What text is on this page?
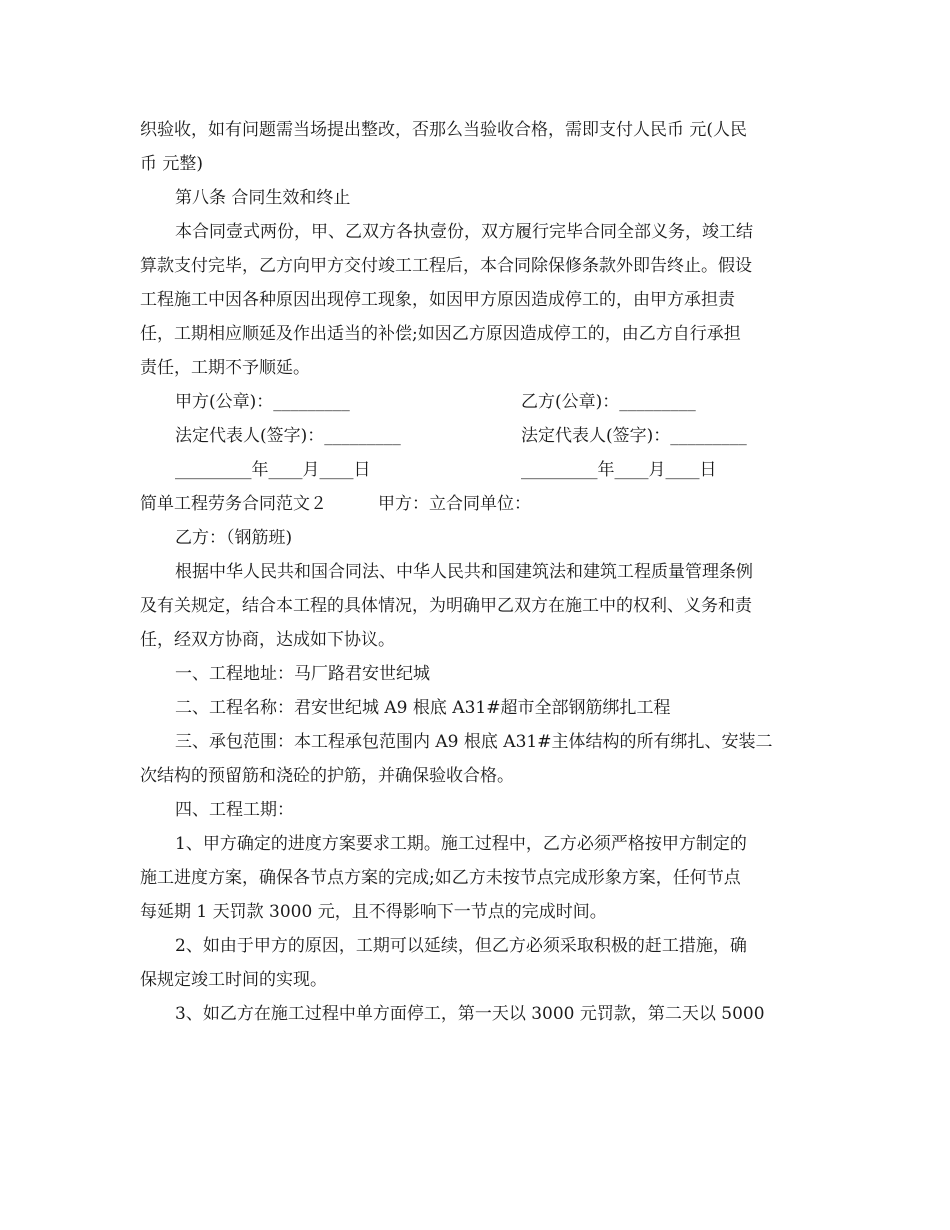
织验收，如有问题需当场提出整改，否那么当验收合格，需即支付人民币 元(人民
币 元整)
第八条 合同生效和终止
本合同壹式两份，甲、乙双方各执壹份，双方履行完毕合同全部义务，竣工结
算款支付完毕，乙方向甲方交付竣工工程后，本合同除保修条款外即告终止。假设
工程施工中因各种原因出现停工现象，如因甲方原因造成停工的，由甲方承担责
任，工期相应顺延及作出适当的补偿;如因乙方原因造成停工的，由乙方自行承担
责任，工期不予顺延。
甲方(公章)：_________	乙方(公章)：_________
法定代表人(签字)：_________	法定代表人(签字)：_________
_________年____月____日	_________年____月____日
简单工程劳务合同范文２	甲方：立合同单位：
乙方：（钢筋班)
根据中华人民共和国合同法、中华人民共和国建筑法和建筑工程质量管理条例
及有关规定，结合本工程的具体情况，为明确甲乙双方在施工中的权利、义务和责
任，经双方协商，达成如下协议。
一、工程地址：马厂路君安世纪城
二、工程名称：君安世纪城 A9 根底 A31#超市全部钢筋绑扎工程
三、承包范围：本工程承包范围内 A9 根底 A31#主体结构的所有绑扎、安装二
次结构的预留筋和浇砼的护筋，并确保验收合格。
四、工程工期：
1、甲方确定的进度方案要求工期。施工过程中，乙方必须严格按甲方制定的
施工进度方案，确保各节点方案的完成;如乙方未按节点完成形象方案，任何节点
每延期 1 天罚款 3000 元，且不得影响下一节点的完成时间。
2、如由于甲方的原因，工期可以延续，但乙方必须采取积极的赶工措施，确
保规定竣工时间的实现。
3、如乙方在施工过程中单方面停工，第一天以 3000 元罚款，第二天以 5000
